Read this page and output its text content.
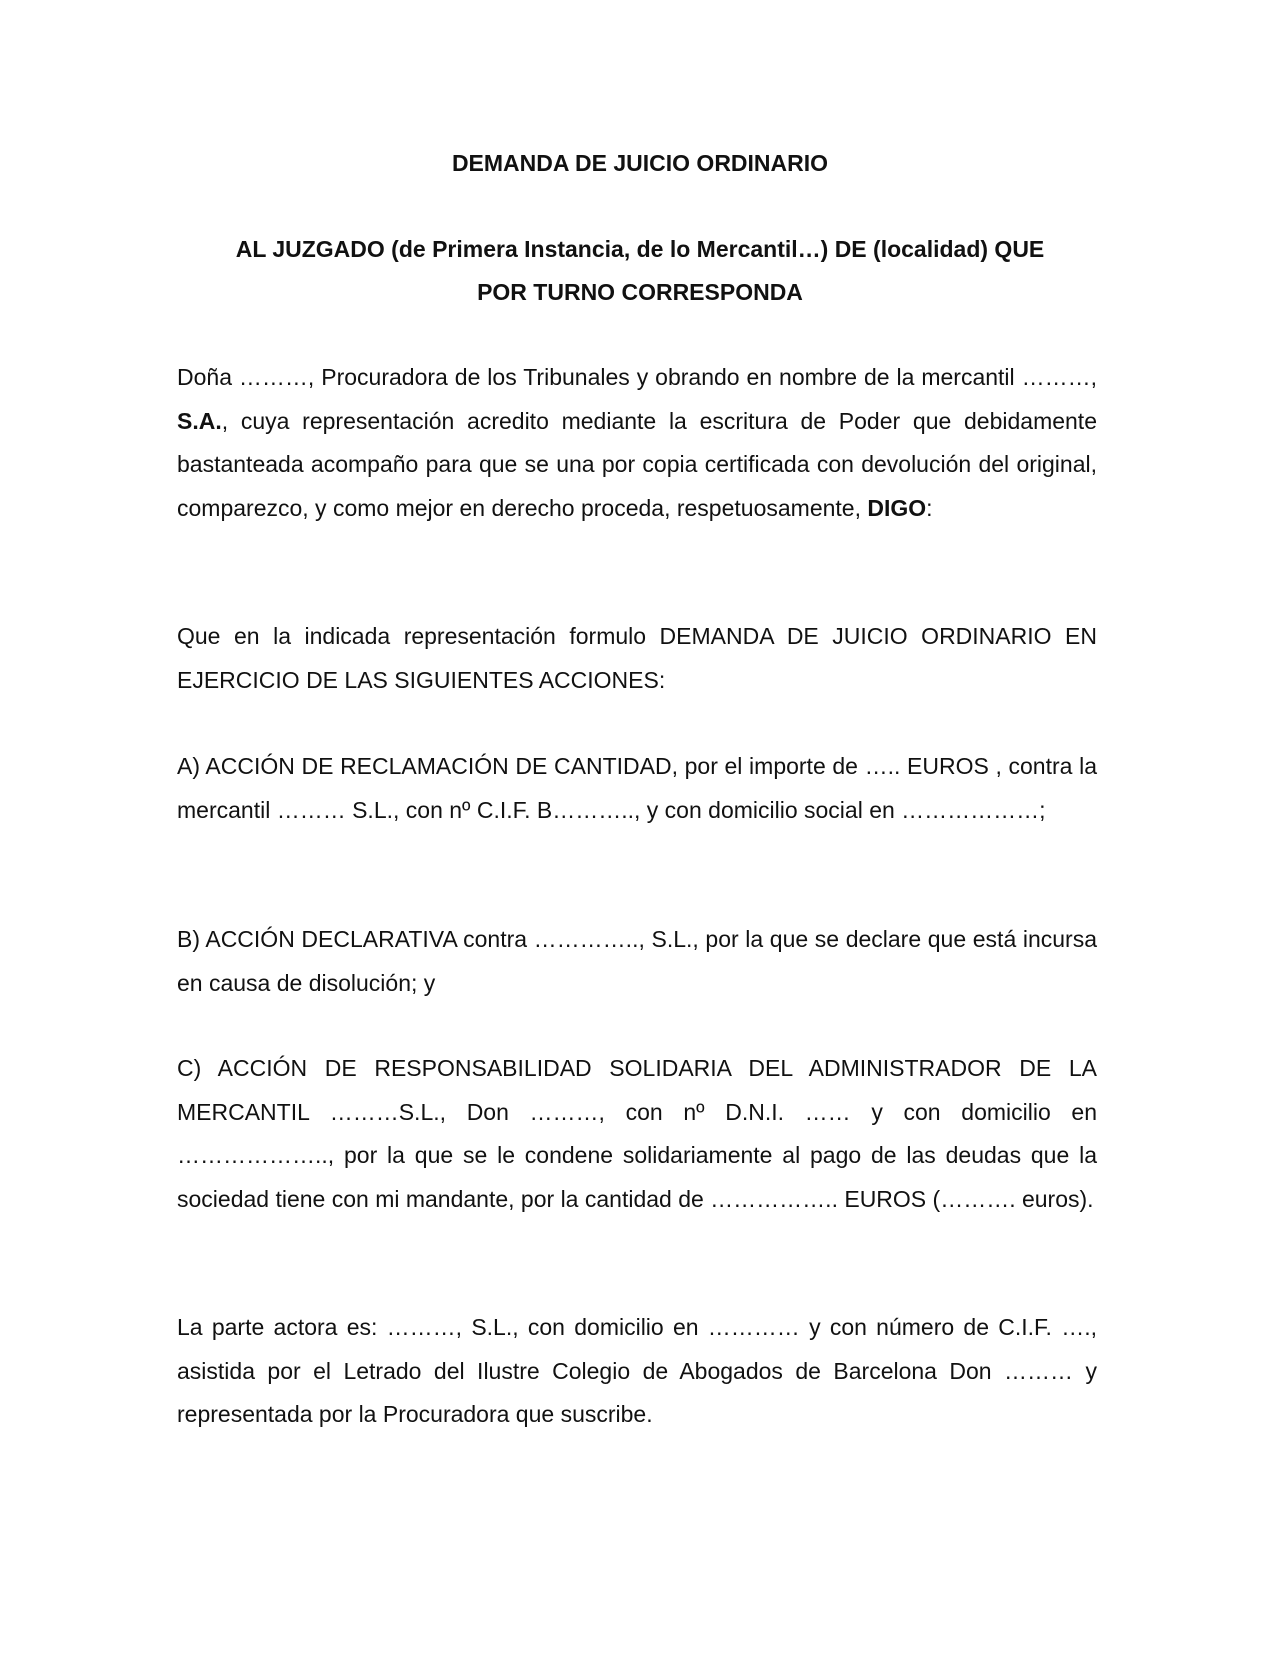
DEMANDA DE JUICIO ORDINARIO
AL JUZGADO (de Primera Instancia, de lo Mercantil…) DE (localidad) QUE
POR TURNO CORRESPONDA

Doña ………, Procuradora de los Tribunales y obrando en nombre de la mercantil ………, S.A., cuya representación acredito mediante la escritura de Poder que debidamente bastanteada acompaño para que se una por copia certificada con devolución del original, comparezco, y como mejor en derecho proceda, respetuosamente, DIGO:

Que en la indicada representación formulo DEMANDA DE JUICIO ORDINARIO EN EJERCICIO DE LAS SIGUIENTES ACCIONES:

A) ACCIÓN DE RECLAMACIÓN DE CANTIDAD, por el importe de ….. EUROS , contra la mercantil ……… S.L., con nº C.I.F. B……….., y con domicilio social en ………………;

B) ACCIÓN DECLARATIVA contra ………….., S.L., por la que se declare que está incursa en causa de disolución; y

C) ACCIÓN DE RESPONSABILIDAD SOLIDARIA DEL ADMINISTRADOR DE LA MERCANTIL ………S.L., Don ………, con nº D.N.I. …… y con domicilio en ……………….., por la que se le condene solidariamente al pago de las deudas que la sociedad tiene con mi mandante, por la cantidad de …………….. EUROS (………. euros).

La parte actora es: ………, S.L., con domicilio en ………… y con número de C.I.F. …., asistida por el Letrado del Ilustre Colegio de Abogados de Barcelona Don ……… y representada por la Procuradora que suscribe.
